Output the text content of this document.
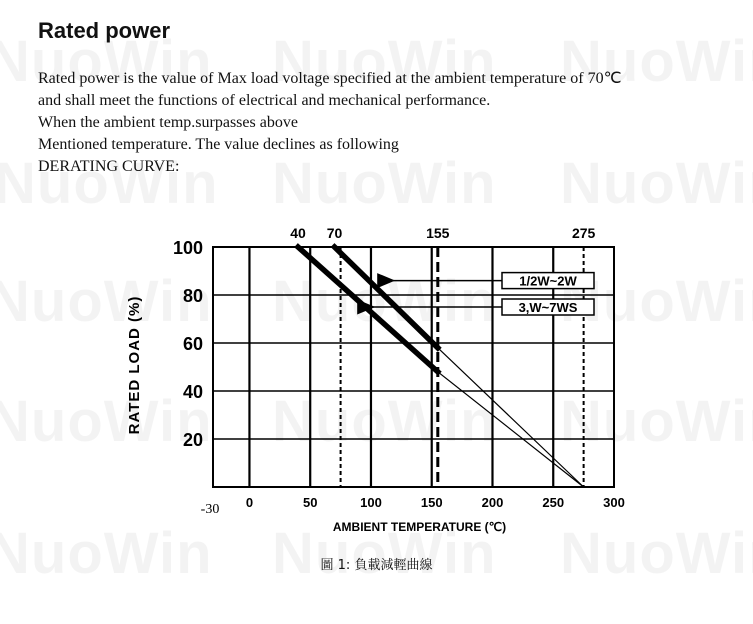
Rated power
Rated power is the value of Max load voltage specified at the ambient temperature of 70℃
and shall meet the functions of electrical and mechanical performance.
When the ambient temp.surpasses above
Mentioned temperature. The value declines as following
DERATING CURVE:
20
40
60
80
100
-30 0	50	100	150	200	250	300
40 70	155	275
1/2W~2W
3,W~7WS
AMBIENT TEMPERATURE (℃)
RATED LOAD (%)
圖 1: 負載減輕曲線
